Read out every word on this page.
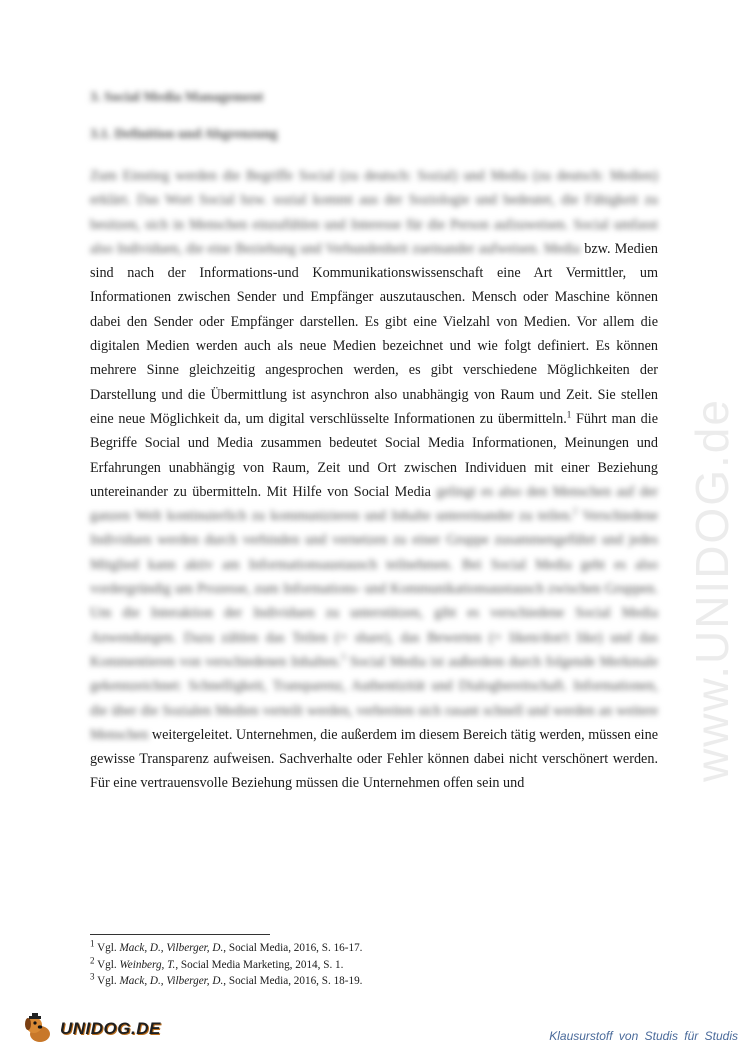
3. Social Media Management
3.1. Definition und Abgrenzung

Zum Einstieg werden die Begriffe Social (zu deutsch: Sozial) und Media (zu deutsch: Medien) erklärt. Das Wort Social bzw. sozial kommt aus der Soziologie und bedeutet, die Fähigkeit zu besitzen, sich in Menschen einzufühlen und Interesse für die Person aufzuweisen. Social umfasst also Individuen, die eine Beziehung und Verbundenheit zueinander aufweisen. Media bzw. Medien sind nach der Informations-und Kommunikationswissenschaft eine Art Vermittler, um Informationen zwischen Sender und Empfänger auszutauschen. Mensch oder Maschine können dabei den Sender oder Empfänger darstellen. Es gibt eine Vielzahl von Medien. Vor allem die digitalen Medien werden auch als neue Medien bezeichnet und wie folgt definiert. Es können mehrere Sinne gleichzeitig angesprochen werden, es gibt verschiedene Möglichkeiten der Darstellung und die Übermittlung ist asynchron also unabhängig von Raum und Zeit. Sie stellen eine neue Möglichkeit da, um digital verschlüsselte Informationen zu übermitteln.$^1$ Führt man die Begriffe Social und Media zusammen bedeutet Social Media Informationen, Meinungen und Erfahrungen unabhängig von Raum, Zeit und Ort zwischen Individuen mit einer Beziehung untereinander zu übermitteln. Mit Hilfe von Social Media gelingt es also den Menschen auf der ganzen Welt kontinuierlich zu kommunizieren und Inhalte untereinander zu teilen.$^2$ Verschiedene Individuen werden durch verbinden und vernetzen zu einer Gruppe zusammengeführt und jedes Mitglied kann aktiv am Informationsaustausch teilnehmen. Bei Social Media geht es also vordergründig um Prozesse, zum Informations- und Kommunikationsaustausch zwischen Gruppen. Um die Interaktion der Individuen zu unterstützen, gibt es verschiedene Social Media Anwendungen. Dazu zählen das Teilen (= share), das Bewerten (= liken/don't like) und das Kommentieren von verschiedenen Inhalten.$^3$ Social Media ist außerdem durch folgende Merkmale gekennzeichnet: Schnelligkeit, Transparenz, Authentizität und Dialogbereitschaft. Informationen, die über die Sozialen Medien verteilt werden, verbreiten sich rasant schnell und werden an weitere Menschen weitergeleitet. Unternehmen, die außerdem im diesem Bereich tätig werden, müssen eine gewisse Transparenz aufweisen. Sachverhalte oder Fehler können dabei nicht verschönert werden. Für eine vertrauensvolle Beziehung müssen die Unternehmen offen sein und

$^1$ Vgl. Mack, D., Vilberger, D., Social Media, 2016, S. 16-17.
$^2$ Vgl. Weinberg, T., Social Media Marketing, 2014, S. 1.
$^3$ Vgl. Mack, D., Vilberger, D., Social Media, 2016, S. 18-19.
www.UNIDOG.de
UNIDOG.DE	Klausurstoff von Studis für Studis
